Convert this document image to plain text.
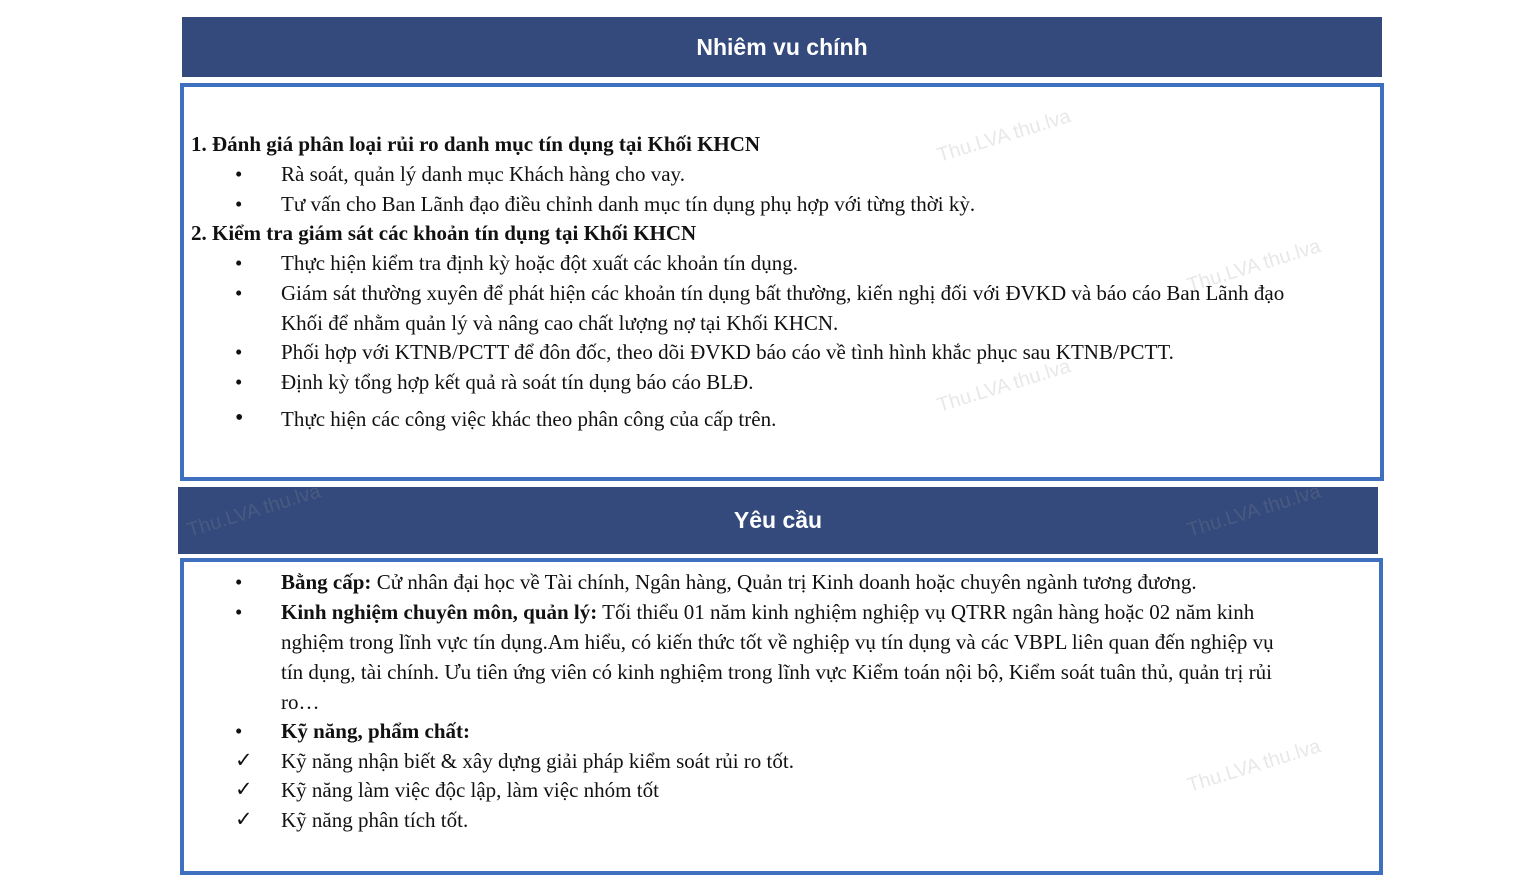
Nhiêm vu chính
1. Đánh giá phân loại rủi ro danh mục tín dụng tại Khối KHCN
• Rà soát, quản lý danh mục Khách hàng cho vay.
• Tư vấn cho Ban Lãnh đạo điều chỉnh danh mục tín dụng phụ hợp với từng thời kỳ.
2. Kiểm tra giám sát các khoản tín dụng tại Khối KHCN
• Thực hiện kiểm tra định kỳ hoặc đột xuất các khoản tín dụng.
• Giám sát thường xuyên để phát hiện các khoản tín dụng bất thường, kiến nghị đối với ĐVKD và báo cáo Ban Lãnh đạo
Khối để nhằm quản lý và nâng cao chất lượng nợ tại Khối KHCN.
• Phối hợp với KTNB/PCTT để đôn đốc, theo dõi ĐVKD báo cáo về tình hình khắc phục sau KTNB/PCTT.
• Định kỳ tổng hợp kết quả rà soát tín dụng báo cáo BLĐ.
• Thực hiện các công việc khác theo phân công của cấp trên.
Yêu cầu
• Bằng cấp: Cử nhân đại học về Tài chính, Ngân hàng, Quản trị Kinh doanh hoặc chuyên ngành tương đương.
• Kinh nghiệm chuyên môn, quản lý: Tối thiểu 01 năm kinh nghiệm nghiệp vụ QTRR ngân hàng hoặc 02 năm kinh
nghiệm trong lĩnh vực tín dụng.Am hiểu, có kiến thức tốt về nghiệp vụ tín dụng và các VBPL liên quan đến nghiệp vụ
tín dụng, tài chính. Ưu tiên ứng viên có kinh nghiệm trong lĩnh vực Kiểm toán nội bộ, Kiểm soát tuân thủ, quản trị rủi
ro…
• Kỹ năng, phẩm chất:
✓ Kỹ năng nhận biết & xây dựng giải pháp kiểm soát rủi ro tốt.
✓ Kỹ năng làm việc độc lập, làm việc nhóm tốt
✓ Kỹ năng phân tích tốt.
Thu.LVA thu.lva
Thu.LVA thu.lva
Thu.LVA thu.lva
Thu.LVA thu.lva	Thu.LVA thu.lva
Thu.LVA thu.lva
